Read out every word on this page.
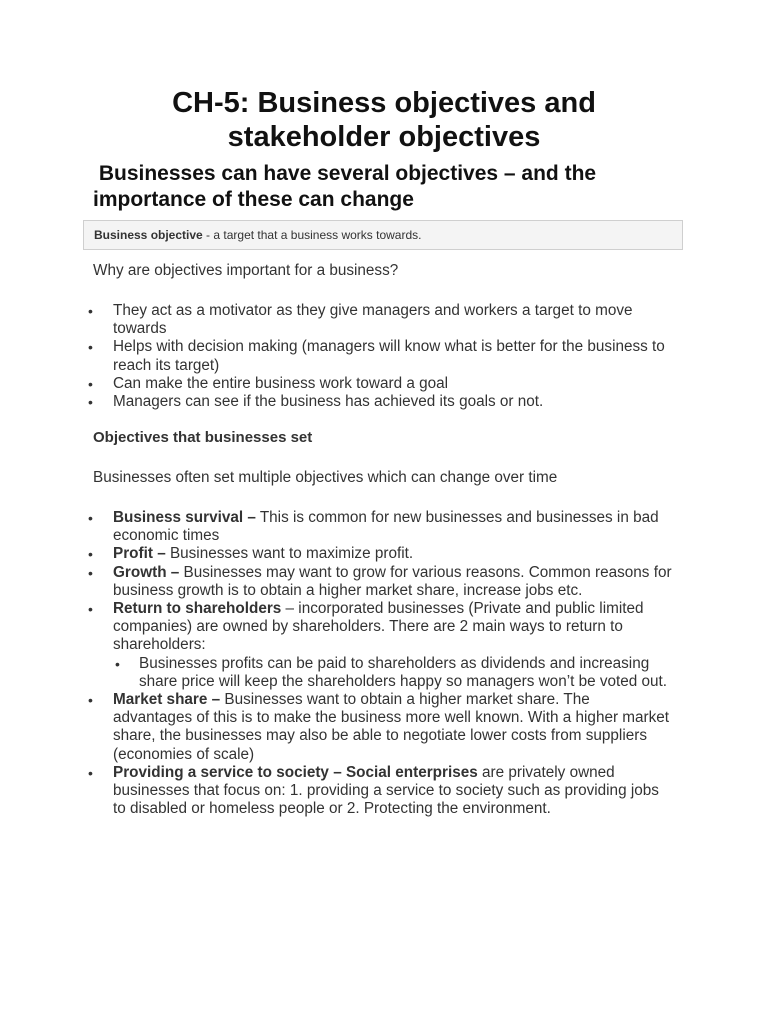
CH-5: Business objectives and
stakeholder objectives
Businesses can have several objectives – and the importance of these can change
Business objective - a target that a business works towards.
Why are objectives important for a business?
• They act as a motivator as they give managers and workers a target to move towards
• Helps with decision making (managers will know what is better for the business to reach its target)
• Can make the entire business work toward a goal
• Managers can see if the business has achieved its goals or not.
Objectives that businesses set
Businesses often set multiple objectives which can change over time
• Business survival – This is common for new businesses and businesses in bad economic times
• Profit – Businesses want to maximize profit.
• Growth – Businesses may want to grow for various reasons. Common reasons for business growth is to obtain a higher market share, increase jobs etc.
• Return to shareholders – incorporated businesses (Private and public limited companies) are owned by shareholders. There are 2 main ways to return to shareholders:
• Businesses profits can be paid to shareholders as dividends and increasing share price will keep the shareholders happy so managers won’t be voted out.
• Market share – Businesses want to obtain a higher market share. The advantages of this is to make the business more well known. With a higher market share, the businesses may also be able to negotiate lower costs from suppliers (economies of scale)
• Providing a service to society – Social enterprises are privately owned businesses that focus on: 1. providing a service to society such as providing jobs to disabled or homeless people or 2. Protecting the environment.
